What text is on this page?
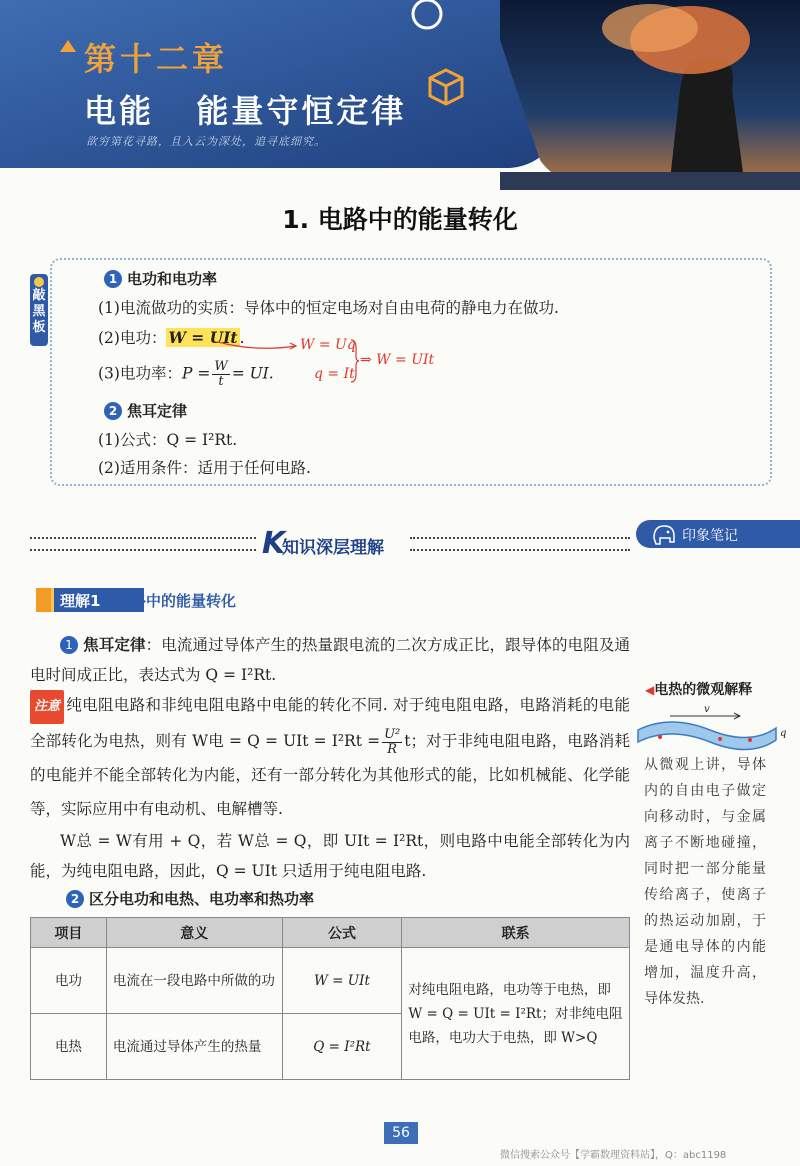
第十二章
电能   能量守恒定律
欲穷第花寻路，且入云为深处，追寻底细究。
1. 电路中的能量转化
敲黑板
1 电功和电功率
(1)电流做功的实质：导体中的恒定电场对自由电荷的静电力在做功.
(2)电功： W = UIt .	W = Uq
q = It
⇒ W = UIt
(3)电功率：$P = \frac{W}{t}$ = UI.
2 焦耳定律
(1)公式：Q = I²Rt.
(2)适用条件：适用于任何电路.
K
知识深层理解
印象笔记
理解1 电路中的能量转化
1 焦耳定律：电流通过导体产生的热量跟电流的二次方成正比，跟导体的电阻及通电时间成正比，表达式为 Q = I²Rt.
注意 纯电阻电路和非纯电阻电路中电能的转化不同. 对于纯电阻电路，电路消耗的电能全部转化为电热，则有 W电 = Q = UIt = $I^2Rt = \frac{\text{U²}}{R}$ t；对于非纯电阻电路，电路消耗的电能并不能全部转化为内能，还有一部分转化为其他形式的能，比如机械能、化学能等，实际应用中有电动机、电解槽等.
W总 = W有用 + Q，若 W总 = Q，即 UIt = I²Rt，则电路中电能全部转化为内能，为纯电阻电路，因此，Q = UIt 只适用于纯电阻电路.
2 区分电功和电热、电功率和热功率
项目	意义	公式	联系
电功	电流在一段电路中所做的功	W = UIt	对纯电阻电路，电功等于电热，即 W = Q = UIt = I²Rt；对非纯电阻电路，电功大于电热，即 W>Q
电热	电流通过导体产生的热量	Q = I²Rt	
◀电热的微观解释
v
q
从微观上讲，导体内的自由电子做定向移动时，与金属离子不断地碰撞，同时把一部分能量传给离子，使离子的热运动加剧，于是通电导体的内能增加，温度升高，导体发热.
56
微信搜索公众号【学霸数理资料站】，Q：abc1198
